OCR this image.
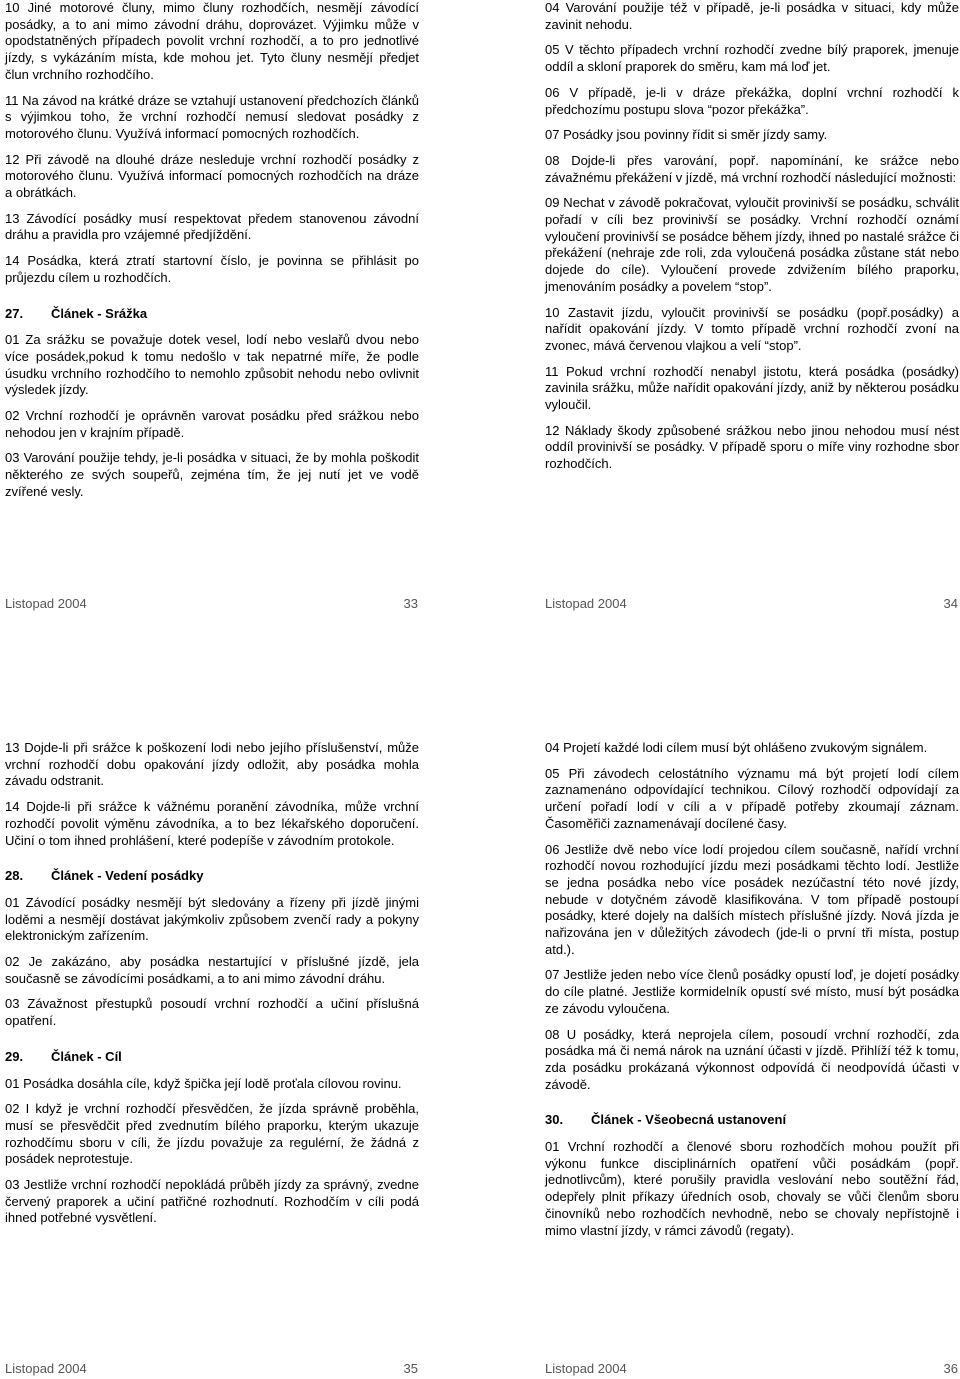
10 Jiné motorové čluny, mimo čluny rozhodčích, nesmějí závodící posádky, a to ani mimo závodní dráhu, doprovázet. Výjimku může v opodstatněných případech povolit vrchní rozhodčí, a to pro jednotlivé jízdy, s vykázáním místa, kde mohou jet. Tyto čluny nesmějí předjet člun vrchního rozhodčího.

11 Na závod na krátké dráze se vztahují ustanovení předchozích článků s výjimkou toho, že vrchní rozhodčí nemusí sledovat posádky z motorového člunu. Využívá informací pomocných rozhodčích.

12 Při závodě na dlouhé dráze nesleduje vrchní rozhodčí posádky z motorového člunu. Využívá informací pomocných rozhodčích na dráze a obrátkách.

13 Závodící posádky musí respektovat předem stanovenou závodní dráhu a pravidla pro vzájemné předjíždění.

14 Posádka, která ztratí startovní číslo, je povinna se přihlásit po průjezdu cílem u rozhodčích.

27. Článek - Srážka

01 Za srážku se považuje dotek vesel, lodí nebo veslařů dvou nebo více posádek,pokud k tomu nedošlo v tak nepatrné míře, že podle úsudku vrchního rozhodčího to nemohlo způsobit nehodu nebo ovlivnit výsledek jízdy.

02 Vrchní rozhodčí je oprávněn varovat posádku před srážkou nebo nehodou jen v krajním případě.

03 Varování použije tehdy, je-li posádka v situaci, že by mohla poškodit některého ze svých soupeřů, zejména tím, že jej nutí jet ve vodě zvířené vesly.

04 Varování použije též v případě, je-li posádka v situaci, kdy může zavinit nehodu.

05 V těchto případech vrchní rozhodčí zvedne bílý praporek, jmenuje oddíl a skloní praporek do směru, kam má loď jet.

06 V případě, je-li v dráze překážka, doplní vrchní rozhodčí k předchozímu postupu slova “pozor překážka”.

07 Posádky jsou povinny řídit si směr jízdy samy.

08 Dojde-li přes varování, popř. napomínání, ke srážce nebo závažnému překážení v jízdě, má vrchní rozhodčí následující možnosti:

09 Nechat v závodě pokračovat, vyloučit provinivší se posádku, schválit pořadí v cíli bez provinivší se posádky. Vrchní rozhodčí oznámí vyloučení provinivší se posádce během jízdy, ihned po nastalé srážce či překážení (nehraje zde roli, zda vyloučená posádka zůstane stát nebo dojede do cíle). Vyloučení provede zdvižením bílého praporku, jmenováním posádky a povelem “stop”.

10 Zastavit jízdu, vyloučit provinivší se posádku (popř.posádky) a nařídit opakování jízdy. V tomto případě vrchní rozhodčí zvoní na zvonec, mává červenou vlajkou a velí “stop”.

11 Pokud vrchní rozhodčí nenabyl jistotu, která posádka (posádky) zavinila srážku, může nařídit opakování jízdy, aniž by některou posádku vyloučil.

12 Náklady škody způsobené srážkou nebo jinou nehodou musí nést oddíl provinivší se posádky. V případě sporu o míře viny rozhodne sbor rozhodčích.

13 Dojde-li při srážce k poškození lodi nebo jejího příslušenství, může vrchní rozhodčí dobu opakování jízdy odložit, aby posádka mohla závadu odstranit.

14 Dojde-li při srážce k vážnému poranění závodníka, může vrchní rozhodčí povolit výměnu závodníka, a to bez lékařského doporučení. Učiní o tom ihned prohlášení, které podepíše v závodním protokole.

28. Článek - Vedení posádky

01 Závodící posádky nesmějí být sledovány a řízeny při jízdě jinými loděmi a nesmějí dostávat jakýmkoliv způsobem zvenčí rady a pokyny elektronickým zařízením.

02 Je zakázáno, aby posádka nestartující v příslušné jízdě, jela současně se závodícími posádkami, a to ani mimo závodní dráhu.

03 Závažnost přestupků posoudí vrchní rozhodčí a učiní příslušná opatření.

29. Článek - Cíl

01 Posádka dosáhla cíle, když špička její lodě proťala cílovou rovinu.

02 I když je vrchní rozhodčí přesvědčen, že jízda správně proběhla, musí se přesvědčit před zvednutím bílého praporku, kterým ukazuje rozhodčímu sboru v cíli, že jízdu považuje za regulérní, že žádná z posádek neprotestuje.

03 Jestliže vrchní rozhodčí nepokládá průběh jízdy za správný, zvedne červený praporek a učiní patřičné rozhodnutí. Rozhodčím v cíli podá ihned potřebné vysvětlení.

04 Projetí každé lodi cílem musí být ohlášeno zvukovým signálem.

05 Při závodech celostátního významu má být projetí lodí cílem zaznamenáno odpovídající technikou. Cílový rozhodčí odpovídají za určení pořadí lodí v cíli a v případě potřeby zkoumají záznam. Časoměřiči zaznamenávají docílené časy.

06 Jestliže dvě nebo více lodí projedou cílem současně, nařídí vrchní rozhodčí novou rozhodující jízdu mezi posádkami těchto lodí. Jestliže se jedna posádka nebo více posádek nezúčastní této nové jízdy, nebude v dotyčném závodě klasifikována. V tom případě postoupí posádky, které dojely na dalších místech příslušné jízdy. Nová jízda je nařizována jen v důležitých závodech (jde-li o první tři místa, postup atd.).

07 Jestliže jeden nebo více členů posádky opustí loď, je dojetí posádky do cíle platné. Jestliže kormidelník opustí své místo, musí být posádka ze závodu vyloučena.

08 U posádky, která neprojela cílem, posoudí vrchní rozhodčí, zda posádka má či nemá nárok na uznání účasti v jízdě. Přihlíží též k tomu, zda posádku prokázaná výkonnost odpovídá či neodpovídá účasti v závodě.

30. Článek - Všeobecná ustanovení

01 Vrchní rozhodčí a členové sboru rozhodčích mohou použít při výkonu funkce disciplinárních opatření vůči posádkám (popř. jednotlivcům), které porušily pravidla veslování nebo soutěžní řád, odepřely plnit příkazy úředních osob, chovaly se vůči členům sboru činovníků nebo rozhodčích nevhodně, nebo se chovaly nepřístojně i mimo vlastní jízdy, v rámci závodů (regaty).

Listopad 2004	33	Listopad 2004	34
Listopad 2004	35	Listopad 2004	36
